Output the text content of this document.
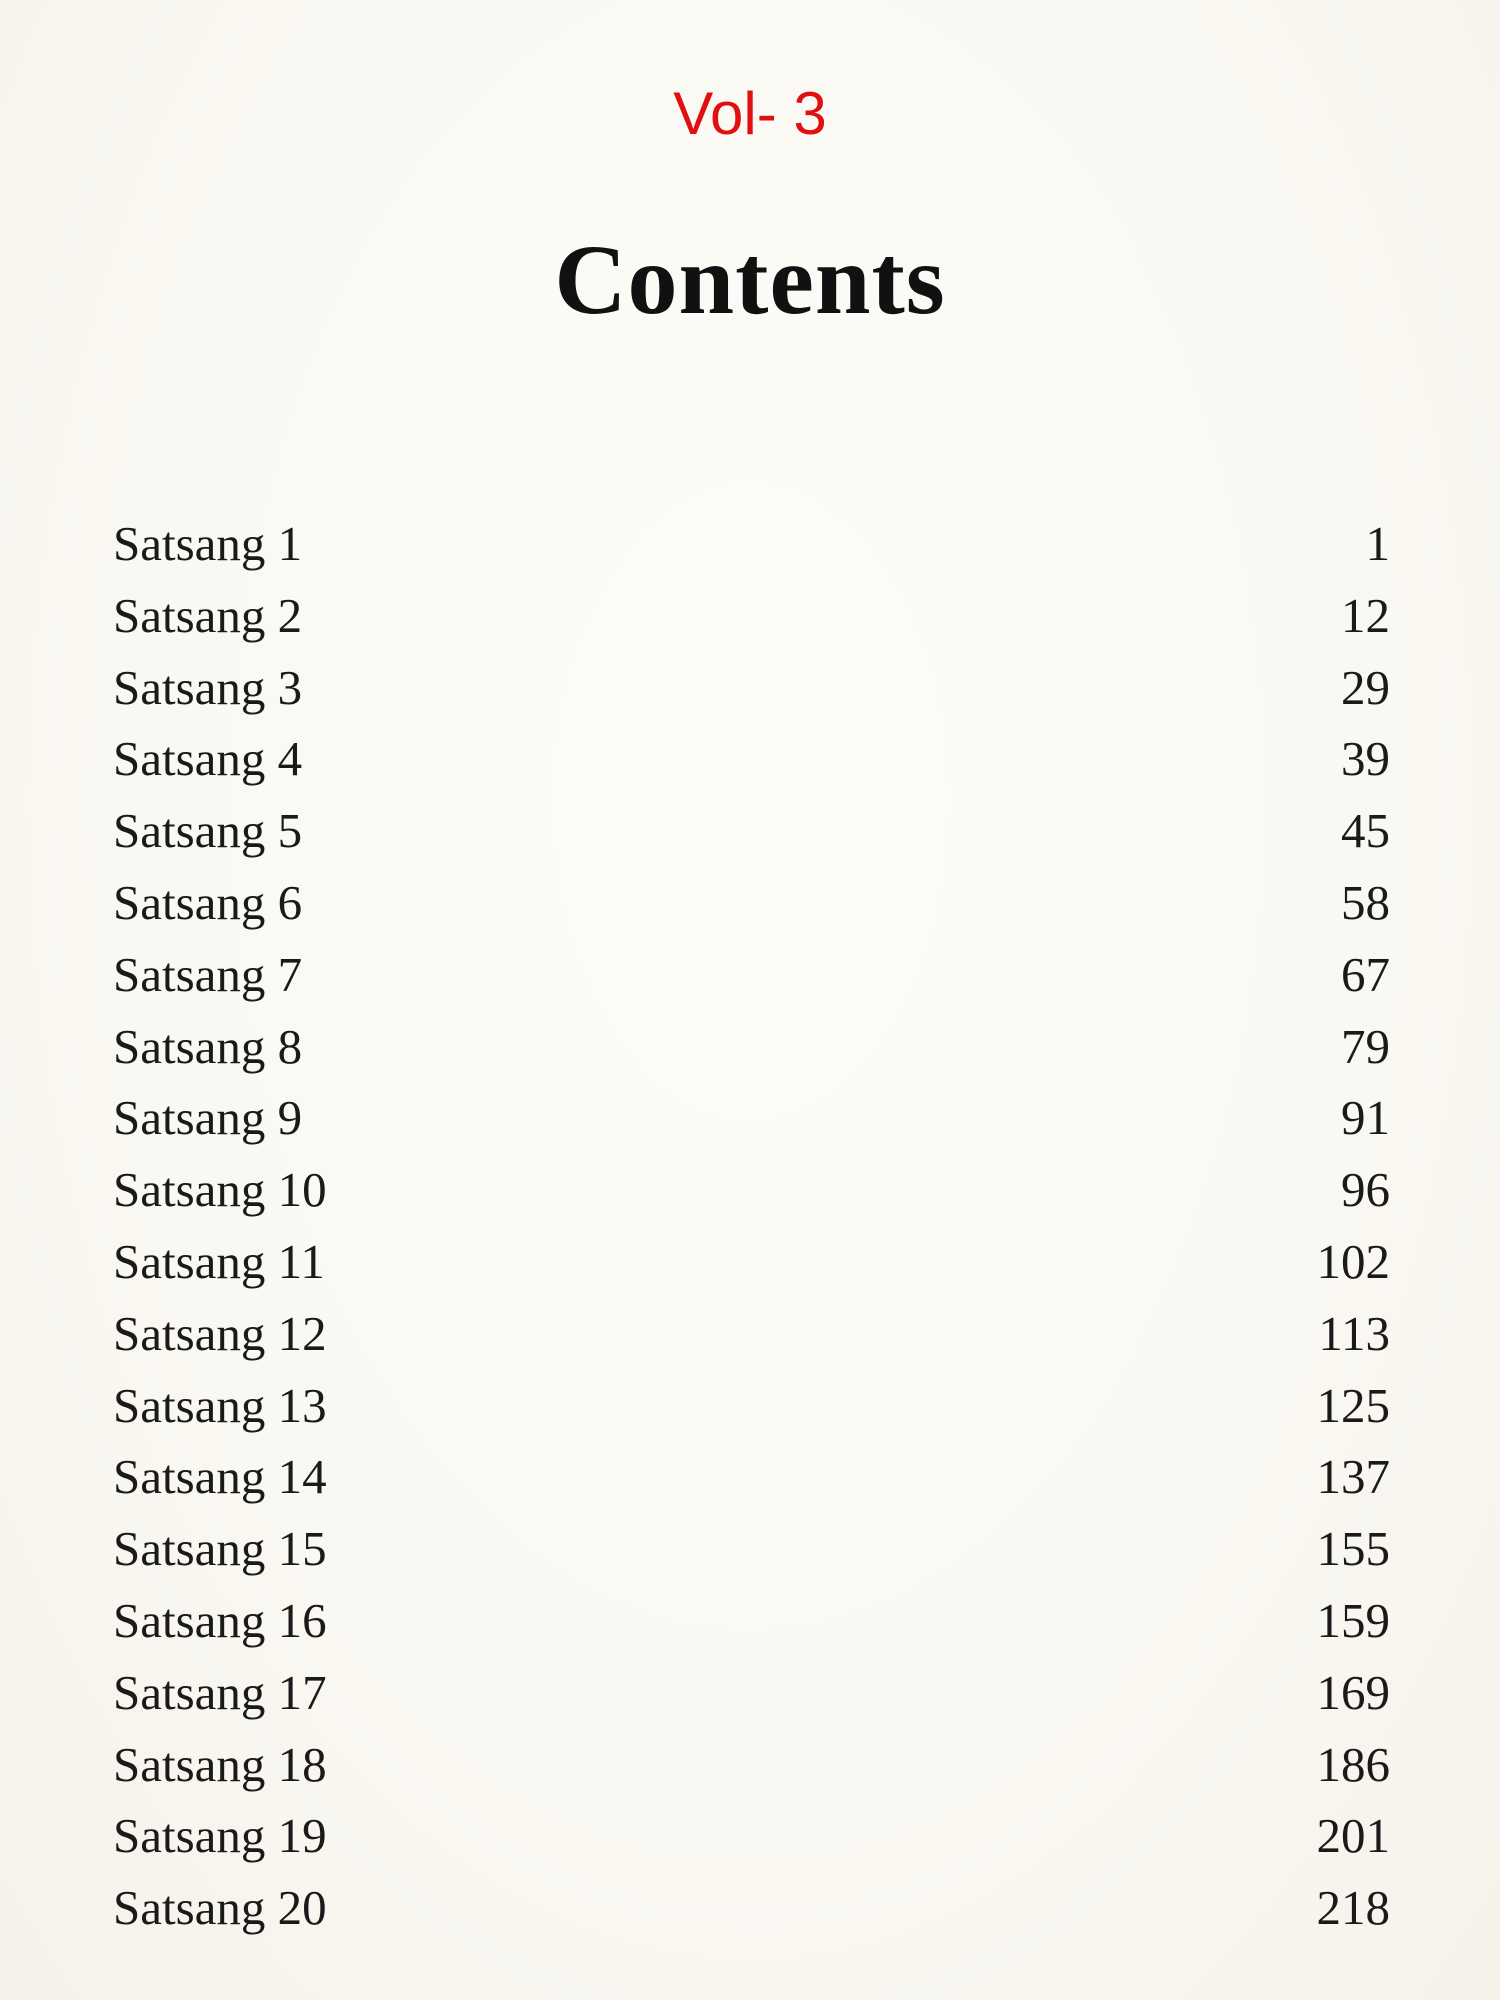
Vol- 3
Contents
Satsang 1	1
Satsang 2	12
Satsang 3	29
Satsang 4	39
Satsang 5	45
Satsang 6	58
Satsang 7	67
Satsang 8	79
Satsang 9	91
Satsang 10	96
Satsang 11	102
Satsang 12	113
Satsang 13	125
Satsang 14	137
Satsang 15	155
Satsang 16	159
Satsang 17	169
Satsang 18	186
Satsang 19	201
Satsang 20	218
